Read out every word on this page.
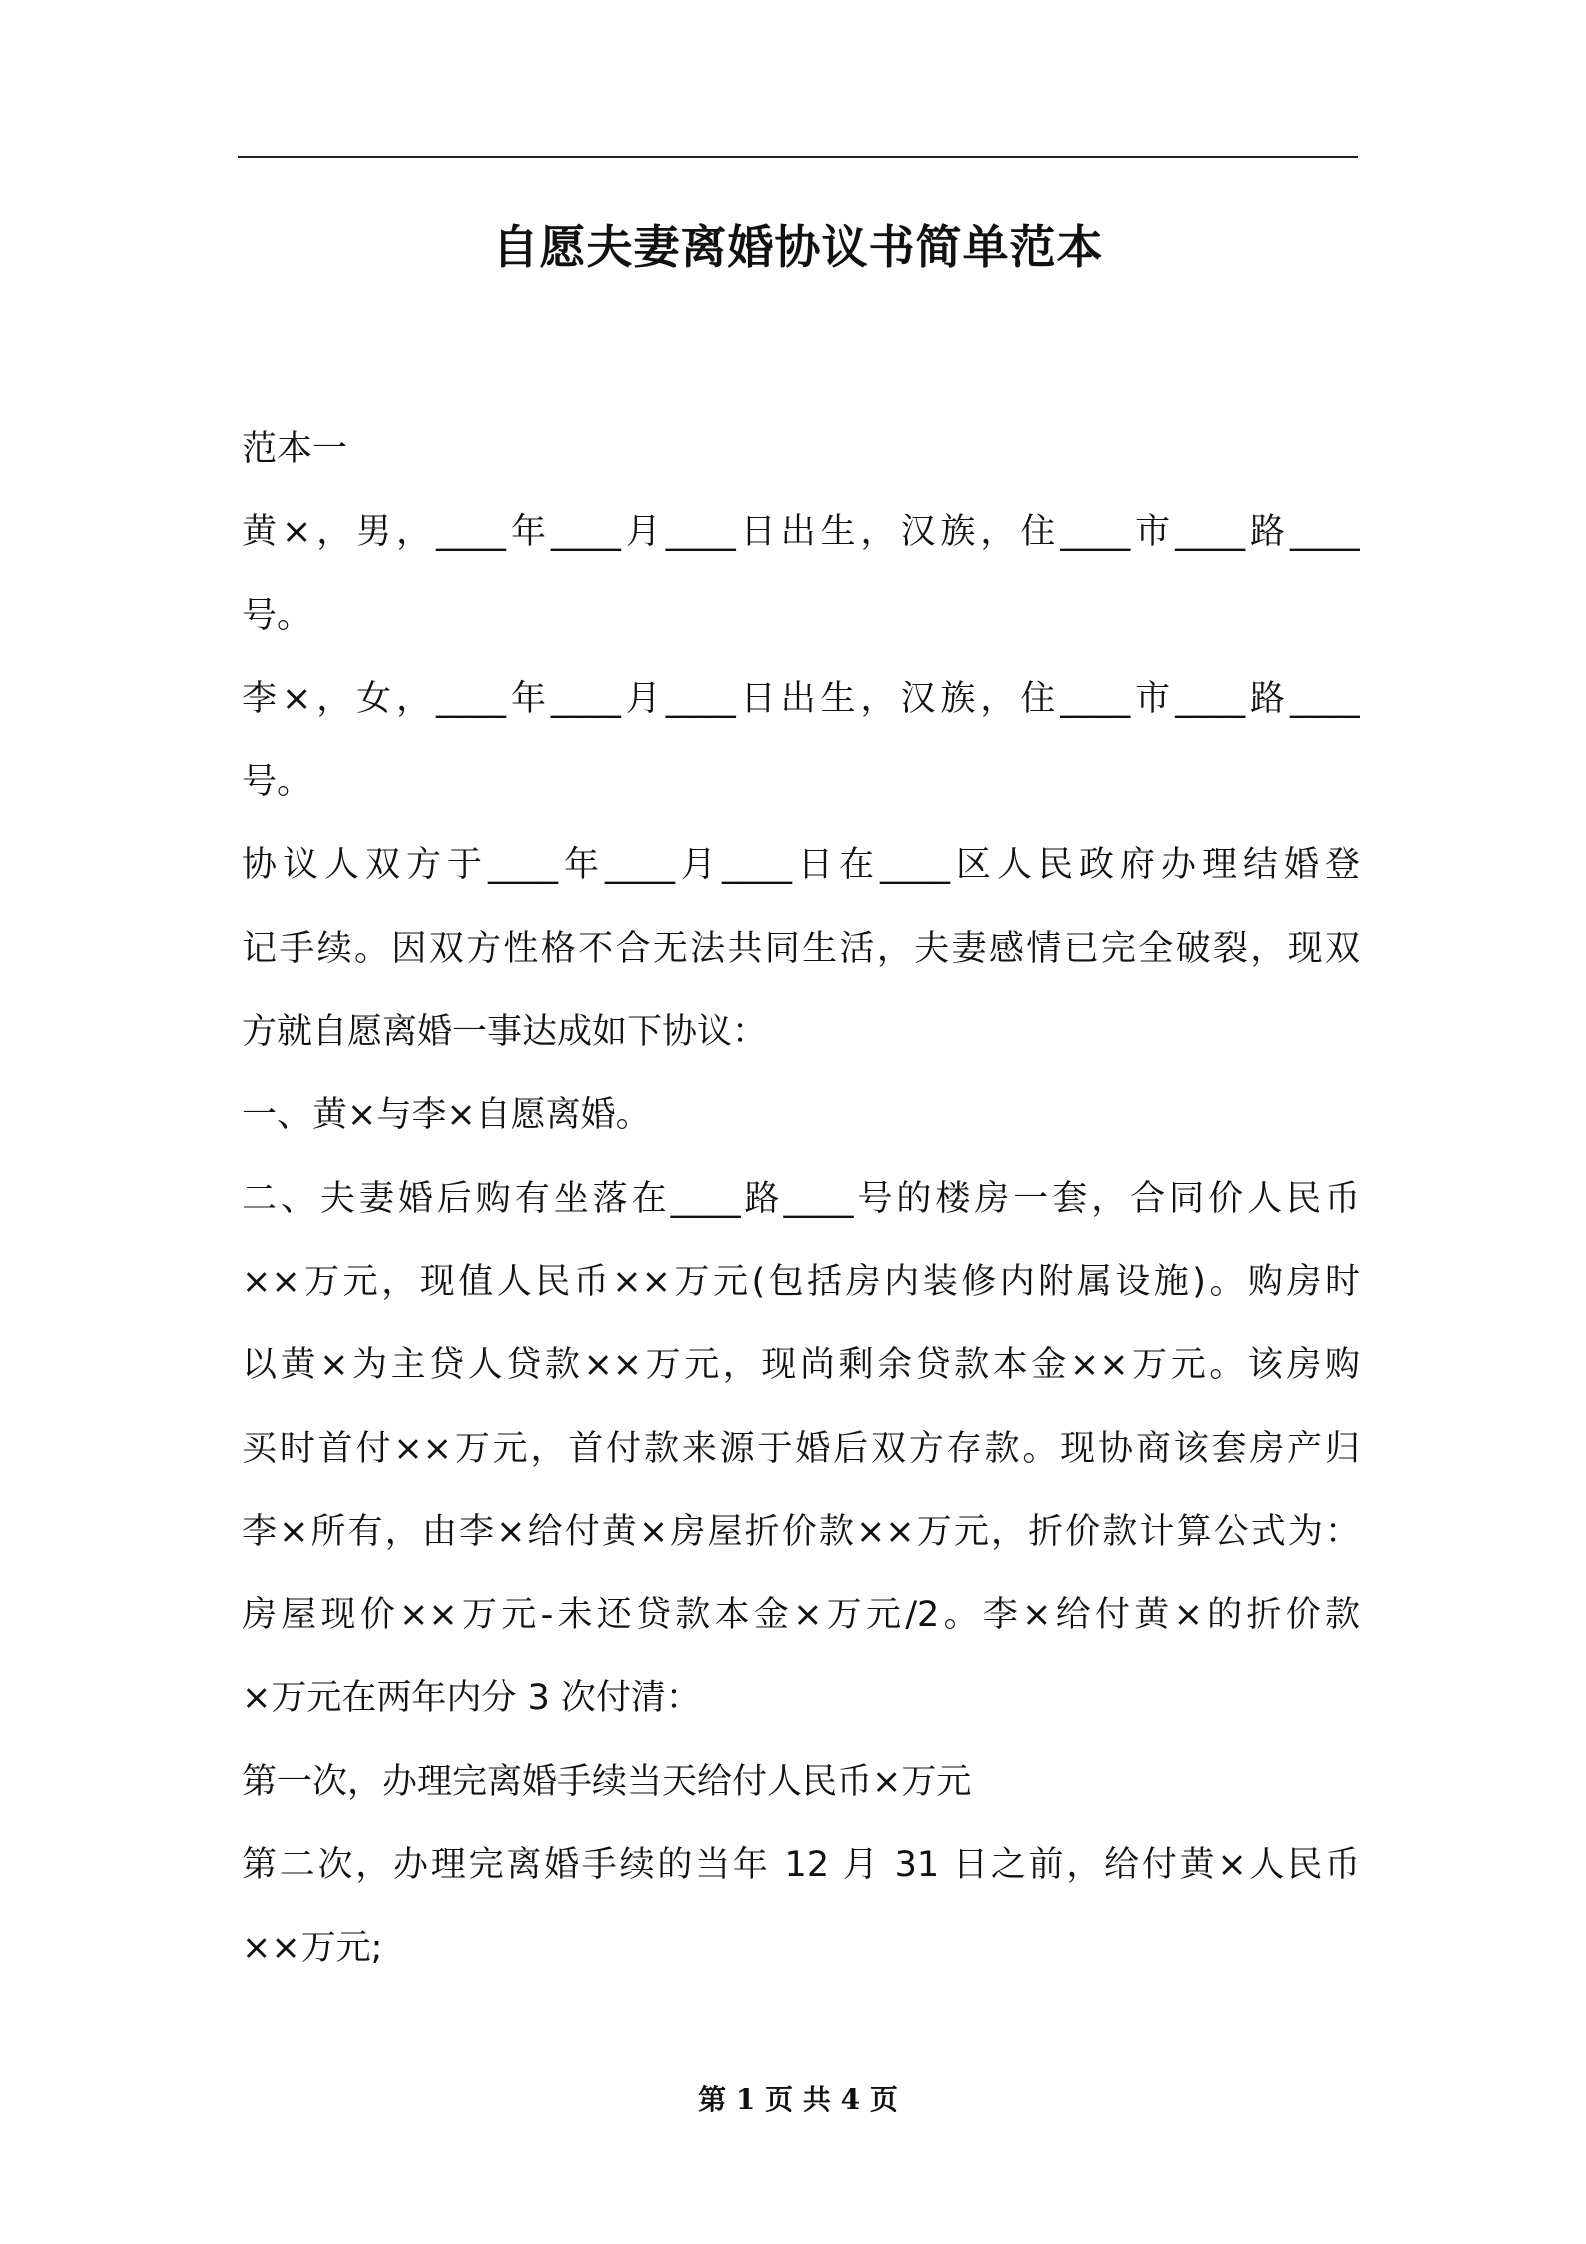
自愿夫妻离婚协议书简单范本
范本一
黄×，男，____年____月____日出生，汉族，住____市____路____
号。
李×，女，____年____月____日出生，汉族，住____市____路____
号。
协议人双方于____年____月____日在____区人民政府办理结婚登
记手续。因双方性格不合无法共同生活，夫妻感情已完全破裂，现双
方就自愿离婚一事达成如下协议：
一、黄×与李×自愿离婚。
二、夫妻婚后购有坐落在____路____号的楼房一套，合同价人民币
××万元，现值人民币××万元(包括房内装修内附属设施)。购房时
以黄×为主贷人贷款××万元，现尚剩余贷款本金××万元。该房购
买时首付××万元，首付款来源于婚后双方存款。现协商该套房产归
李×所有，由李×给付黄×房屋折价款××万元，折价款计算公式为：
房屋现价××万元-未还贷款本金×万元/2。李×给付黄×的折价款
×万元在两年内分 3 次付清：
第一次，办理完离婚手续当天给付人民币×万元
第二次，办理完离婚手续的当年 12 月 31 日之前，给付黄×人民币
××万元;
第 1 页 共 4 页
